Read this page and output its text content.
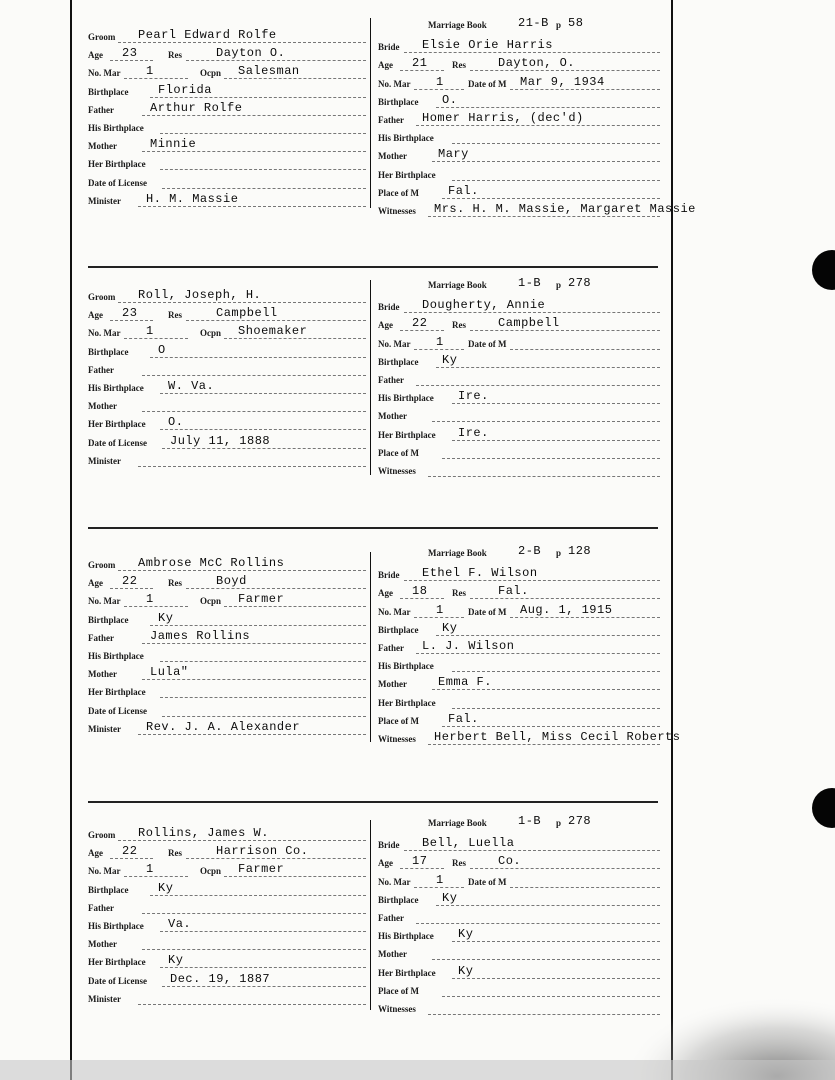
Groom Pearl Edward Rolfe
Age 23	Res	Dayton O.
No. Mar 1	Ocpn Salesman
Birthplace Florida
Father	Arthur Rolfe
His Birthplace
Mother	Minnie
Her Birthplace
Date of License
Minister H. M. Massie
Marriage Book	21-B p 58
Bride Elsie Orie Harris
Age 21	Res	Dayton, O.
No. Mar 1	Date of M Mar 9, 1934
Birthplace O.
Father Homer Harris, (dec'd)
His Birthplace
Mother	Mary
Her Birthplace
Place of M Fal.
Witnesses Mrs. H. M. Massie, Margaret Massie
Groom Roll, Joseph, H.
Age 23	Res	Campbell
No. Mar 1	Ocpn Shoemaker
Birthplace O
Father
His Birthplace W. Va.
Mother
Her Birthplace O.
Date of License July 11, 1888
Minister
Marriage Book	1-B p 278
Bride Dougherty, Annie
Age 22	Res	Campbell
No. Mar 1	Date of M
Birthplace Ky
Father
His Birthplace Ire.
Mother
Her Birthplace Ire.
Place of M
Witnesses
Groom Ambrose McC Rollins
Age 22	Res	Boyd
No. Mar 1	Ocpn Farmer
Birthplace Ky
Father	James Rollins
His Birthplace
Mother	Lula"
Her Birthplace
Date of License
Minister Rev. J. A. Alexander
Marriage Book	2-B p 128
Bride Ethel F. Wilson
Age 18	Res	Fal.
No. Mar 1	Date of M Aug. 1, 1915
Birthplace Ky
Father L. J. Wilson
His Birthplace
Mother	Emma F.
Her Birthplace
Place of M Fal.
Witnesses Herbert Bell, Miss Cecil Roberts
Groom Rollins, James W.
Age 22	Res	Harrison Co.
No. Mar 1	Ocpn Farmer
Birthplace Ky
Father
His Birthplace Va.
Mother
Her Birthplace Ky
Date of License Dec. 19, 1887
Minister
Marriage Book	1-B p 278
Bride Bell, Luella
Age 17	Res	Co.
No. Mar 1	Date of M
Birthplace Ky
Father
His Birthplace Ky
Mother
Her Birthplace Ky
Place of M
Witnesses
